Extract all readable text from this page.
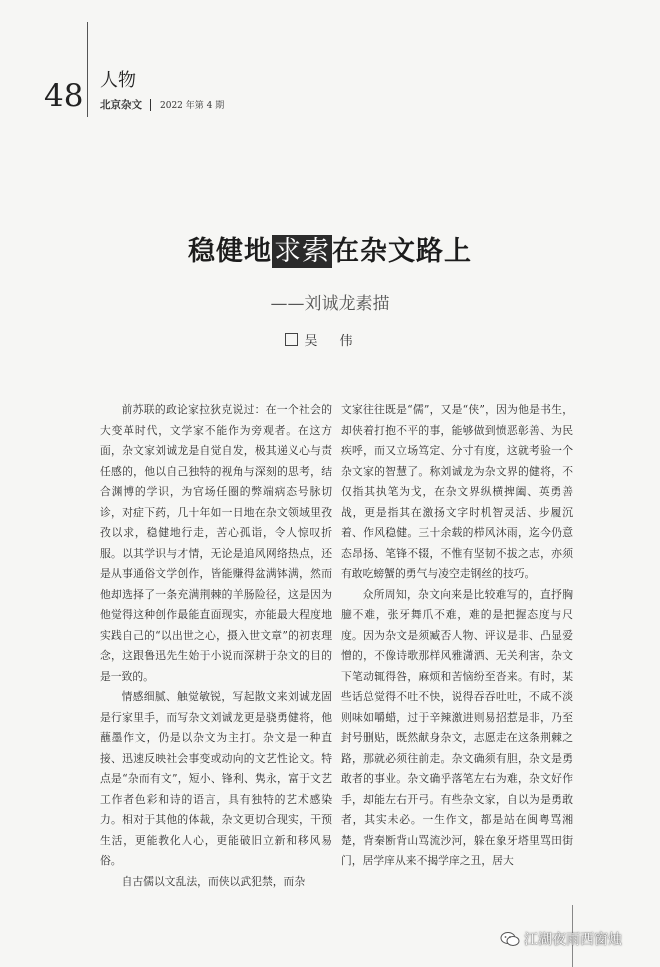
48 人物
北京杂文 2022 年第 4 期
稳健地求索在杂文路上
——刘诚龙素描
吴伟

前苏联的政论家拉狄克说过：在一个社会的大变革时代，文学家不能作为旁观者。在这方面，杂文家刘诚龙是自觉自发，极其递义心与责任感的，他以自己独特的视角与深刻的思考，结合渊博的学识，为官场任圈的弊端病态号脉切诊，对症下药，几十年如一日地在杂文领域里孜孜以求，稳健地行走，苦心孤诣，令人惊叹折服。以其学识与才情，无论是追风网络热点，还是从事通俗文学创作，皆能赚得盆满钵满，然而他却选择了一条充满荆棘的羊肠险径，这是因为他觉得这种创作最能直面现实，亦能最大程度地实践自己的“以出世之心，摄入世文章”的初衷理念，这跟鲁迅先生始于小说而深耕于杂文的目的是一致的。

情感细腻、触觉敏锐，写起散文来刘诚龙固是行家里手，而写杂文刘诚龙更是骁勇健将，他蘸墨作文，仍是以杂文为主打。杂文是一种直接、迅速反映社会事变或动向的文艺性论文。特点是“杂而有文”，短小、锋利、隽永，富于文艺工作者色彩和诗的语言，具有独特的艺术感染力。相对于其他的体裁，杂文更切合现实，干预生活，更能教化人心，更能破旧立新和移风易俗。

自古儒以文乱法，而侠以武犯禁，而杂

文家往往既是“儒”，又是“侠”，因为他是书生，却侠着打抱不平的事，能够做到愤恶彰善、为民疾呼，而又立场笃定、分寸有度，这就考验一个杂文家的智慧了。称刘诚龙为杂文界的健将，不仅指其执笔为戈，在杂文界纵横捭阖、英勇善战，更是指其在激扬文字时机智灵活、步履沉着、作风稳健。三十余载的栉风沐雨，迄今仍意态昂扬、笔锋不辍，不惟有坚韧不拔之志，亦须有敢吃螃蟹的勇气与凌空走钢丝的技巧。

众所周知，杂文向来是比较难写的，直抒胸臆不难，张牙舞爪不难，难的是把握态度与尺度。因为杂文是须臧否人物、评议是非、凸显爱憎的，不像诗歌那样风雅潇洒、无关利害，杂文下笔动辄得咎，麻烦和苦恼纷至沓来。有时，某些话总觉得不吐不快，说得吞吞吐吐，不咸不淡则味如嚼蜡，过于辛辣激进则易招惹是非，乃至封号删贴，既然献身杂文，志愿走在这条荆棘之路，那就必须往前走。杂文确须有胆，杂文是勇敢者的事业。杂文确乎落笔左右为难，杂文好作手，却能左右开弓。有些杂文家，自以为是勇敢者，其实未必。一生作文，都是站在闽粤骂湘楚，背秦断背山骂流沙河，躲在象牙塔里骂田街门，居学庠从来不揭学庠之丑，居大

江湖夜雨西窗烛
